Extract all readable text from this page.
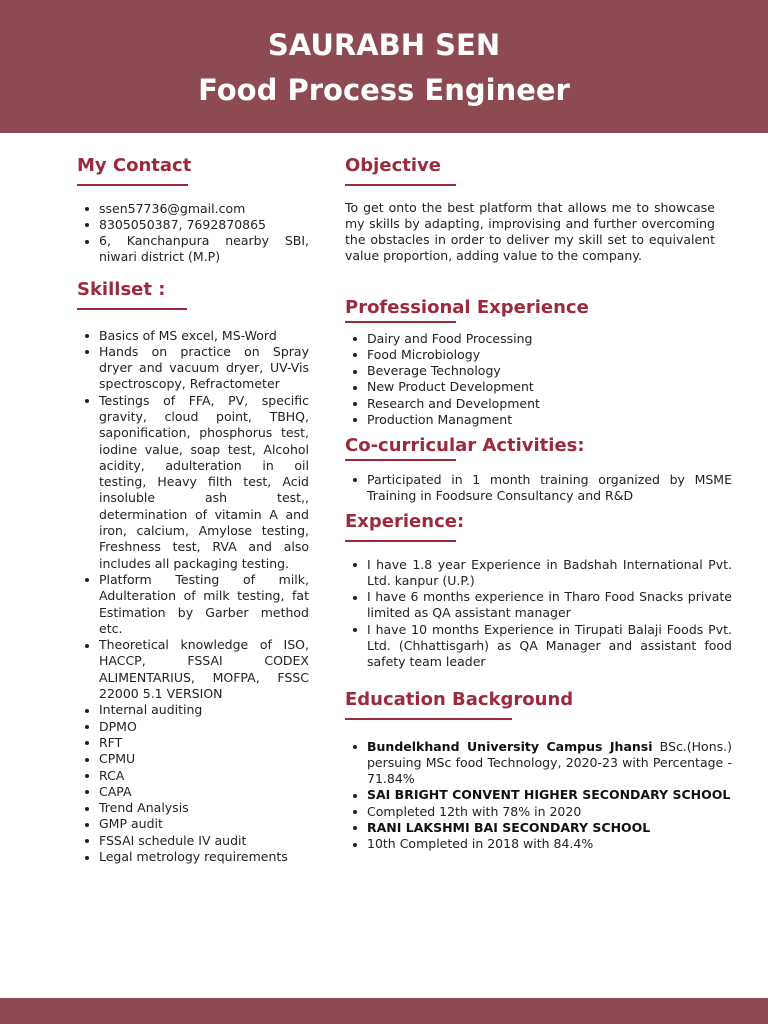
SAURABH SEN
Food Process Engineer
My Contact
ssen57736@gmail.com
8305050387, 7692870865
6, Kanchanpura nearby SBI, niwari district (M.P)
Skillset :
Basics of MS excel, MS-Word
Hands on practice on Spray dryer and vacuum dryer, UV-Vis spectroscopy, Refractometer
Testings of FFA, PV, specific gravity, cloud point, TBHQ, saponification, phosphorus test, iodine value, soap test, Alcohol acidity, adulteration in oil testing, Heavy filth test, Acid insoluble ash test,, determination of vitamin A and iron, calcium, Amylose testing, Freshness test, RVA and also includes all packaging testing.
Platform Testing of milk, Adulteration of milk testing, fat Estimation by Garber method etc.
Theoretical knowledge of ISO, HACCP, FSSAI CODEX ALIMENTARIUS, MOFPA, FSSC 22000 5.1 VERSION
Internal auditing
DPMO
RFT
CPMU
RCA
CAPA
Trend Analysis
GMP audit
FSSAI schedule IV audit
Legal metrology requirements
Objective

To get onto the best platform that allows me to showcase my skills by adapting, improvising and further overcoming the obstacles in order to deliver my skill set to equivalent value proportion, adding value to the company.

Professional Experience
Dairy and Food Processing
Food Microbiology
Beverage Technology
New Product Development
Research and Development
Production Managment
Co-curricular Activities:
Participated in 1 month training organized by MSME Training in Foodsure Consultancy and R&D
Experience:
I have 1.8 year Experience in Badshah International Pvt. Ltd. kanpur (U.P.)
I have 6 months experience in Tharo Food Snacks private limited as QA assistant manager
I have 10 months Experience in Tirupati Balaji Foods Pvt. Ltd. (Chhattisgarh) as QA Manager and assistant food safety team leader
Education Background
Bundelkhand University Campus Jhansi BSc.(Hons.) persuing MSc food Technology, 2020-23 with Percentage - 71.84%
SAI BRIGHT CONVENT HIGHER SECONDARY SCHOOL
Completed 12th with 78% in 2020
RANI LAKSHMI BAI SECONDARY SCHOOL
10th Completed in 2018 with 84.4%
